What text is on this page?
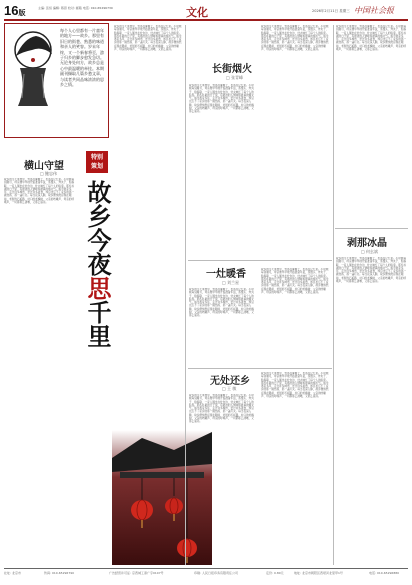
16版
主编: 张恒 编辑: 蒋思 校对: 邮箱 电话: 010-65296730	文化	2026年2月11日 星期三 中国社会报
每个人心里都有一片童年的地方——故乡。那里有旧日的街巷、熟悉的味道和亲人的笑容。岁末年终，又一个新春将至，游子归乡的脚步愈发急切。无论身处何方，故乡总是心中最温暖的牵挂。本期副刊撷取几篇乡愁文章，与读者共同品味浓浓的思乡之情。
横山守望
□ 鲍忠伟
故乡的冬天来得早，雪落在屋檐上，也落在记忆里。小时候每到腊月，母亲便早早地开始准备年货，蒸馒头、炸丸子、贴春联，一家人围坐在灶台边，灶火映红了每个人的脸庞。那些朴素的日子里，有最浓的人情味和最真的烟火气。如今离家多年，走过许多城市，尝过许多美食，却总也忘不了家乡的那一碗热汤、那一盏灯火。每当夜深人静，故乡便悄然浮现在眼前，老街的石板路、村口的老槐树、父亲的咳嗽声、母亲的呼唤声，一切都那么清晰，又那么遥远。
特别
策划
故乡今夜思千里
故乡的冬天来得早，雪落在屋檐上，也落在记忆里。小时候每到腊月，母亲便早早地开始准备年货，蒸馒头、炸丸子、贴春联，一家人围坐在灶台边，灶火映红了每个人的脸庞。那些朴素的日子里，有最浓的人情味和最真的烟火气。如今离家多年，走过许多城市，尝过许多美食，却总也忘不了家乡的那一碗热汤、那一盏灯火。每当夜深人静，故乡便悄然浮现在眼前，老街的石板路、村口的老槐树、父亲的咳嗽声、母亲的呼唤声，一切都那么清晰，又那么遥远。
长街烟火
□ 张青峰
故乡的冬天来得早，雪落在屋檐上，也落在记忆里。小时候每到腊月，母亲便早早地开始准备年货，蒸馒头、炸丸子、贴春联，一家人围坐在灶台边，灶火映红了每个人的脸庞。那些朴素的日子里，有最浓的人情味和最真的烟火气。如今离家多年，走过许多城市，尝过许多美食，却总也忘不了家乡的那一碗热汤、那一盏灯火。每当夜深人静，故乡便悄然浮现在眼前，老街的石板路、村口的老槐树、父亲的咳嗽声、母亲的呼唤声，一切都那么清晰，又那么遥远。
故乡的冬天来得早，雪落在屋檐上，也落在记忆里。小时候每到腊月，母亲便早早地开始准备年货，蒸馒头、炸丸子、贴春联，一家人围坐在灶台边，灶火映红了每个人的脸庞。那些朴素的日子里，有最浓的人情味和最真的烟火气。如今离家多年，走过许多城市，尝过许多美食，却总也忘不了家乡的那一碗热汤、那一盏灯火。每当夜深人静，故乡便悄然浮现在眼前，老街的石板路、村口的老槐树、父亲的咳嗽声、母亲的呼唤声，一切都那么清晰，又那么遥远。
一灶暖香
□ 刘兰星
故乡的冬天来得早，雪落在屋檐上，也落在记忆里。小时候每到腊月，母亲便早早地开始准备年货，蒸馒头、炸丸子、贴春联，一家人围坐在灶台边，灶火映红了每个人的脸庞。那些朴素的日子里，有最浓的人情味和最真的烟火气。如今离家多年，走过许多城市，尝过许多美食，却总也忘不了家乡的那一碗热汤、那一盏灯火。每当夜深人静，故乡便悄然浮现在眼前，老街的石板路、村口的老槐树、父亲的咳嗽声、母亲的呼唤声，一切都那么清晰，又那么遥远。
故乡的冬天来得早，雪落在屋檐上，也落在记忆里。小时候每到腊月，母亲便早早地开始准备年货，蒸馒头、炸丸子、贴春联，一家人围坐在灶台边，灶火映红了每个人的脸庞。那些朴素的日子里，有最浓的人情味和最真的烟火气。如今离家多年，走过许多城市，尝过许多美食，却总也忘不了家乡的那一碗热汤、那一盏灯火。每当夜深人静，故乡便悄然浮现在眼前，老街的石板路、村口的老槐树、父亲的咳嗽声、母亲的呼唤声，一切都那么清晰，又那么遥远。
无处还乡
□ 王 敏
故乡的冬天来得早，雪落在屋檐上，也落在记忆里。小时候每到腊月，母亲便早早地开始准备年货，蒸馒头、炸丸子、贴春联，一家人围坐在灶台边，灶火映红了每个人的脸庞。那些朴素的日子里，有最浓的人情味和最真的烟火气。如今离家多年，走过许多城市，尝过许多美食，却总也忘不了家乡的那一碗热汤、那一盏灯火。每当夜深人静，故乡便悄然浮现在眼前，老街的石板路、村口的老槐树、父亲的咳嗽声、母亲的呼唤声，一切都那么清晰，又那么遥远。
故乡的冬天来得早，雪落在屋檐上，也落在记忆里。小时候每到腊月，母亲便早早地开始准备年货，蒸馒头、炸丸子、贴春联，一家人围坐在灶台边，灶火映红了每个人的脸庞。那些朴素的日子里，有最浓的人情味和最真的烟火气。如今离家多年，走过许多城市，尝过许多美食，却总也忘不了家乡的那一碗热汤、那一盏灯火。每当夜深人静，故乡便悄然浮现在眼前，老街的石板路、村口的老槐树、父亲的咳嗽声、母亲的呼唤声，一切都那么清晰，又那么遥远。
故乡的冬天来得早，雪落在屋檐上，也落在记忆里。小时候每到腊月，母亲便早早地开始准备年货，蒸馒头、炸丸子、贴春联，一家人围坐在灶台边，灶火映红了每个人的脸庞。那些朴素的日子里，有最浓的人情味和最真的烟火气。如今离家多年，走过许多城市，尝过许多美食，却总也忘不了家乡的那一碗热汤、那一盏灯火。每当夜深人静，故乡便悄然浮现在眼前，老街的石板路、村口的老槐树、父亲的咳嗽声、母亲的呼唤声，一切都那么清晰，又那么遥远。
剥那冰晶
□ 何玄斌
故乡的冬天来得早，雪落在屋檐上，也落在记忆里。小时候每到腊月，母亲便早早地开始准备年货，蒸馒头、炸丸子、贴春联，一家人围坐在灶台边，灶火映红了每个人的脸庞。那些朴素的日子里，有最浓的人情味和最真的烟火气。如今离家多年，走过许多城市，尝过许多美食，却总也忘不了家乡的那一碗热汤、那一盏灯火。每当夜深人静，故乡便悄然浮现在眼前，老街的石板路、村口的老槐树、父亲的咳嗽声、母亲的呼唤声，一切都那么清晰，又那么遥远。
社址: 北京市	传真: 010-65296790	广告经营许可证: 京西城工商广字0107号	印刷: 人民日报印务有限责任公司	定价: 0.80元	地址: 北京市朝阳区西坝河北里甲1号	电话: 010-65296880
